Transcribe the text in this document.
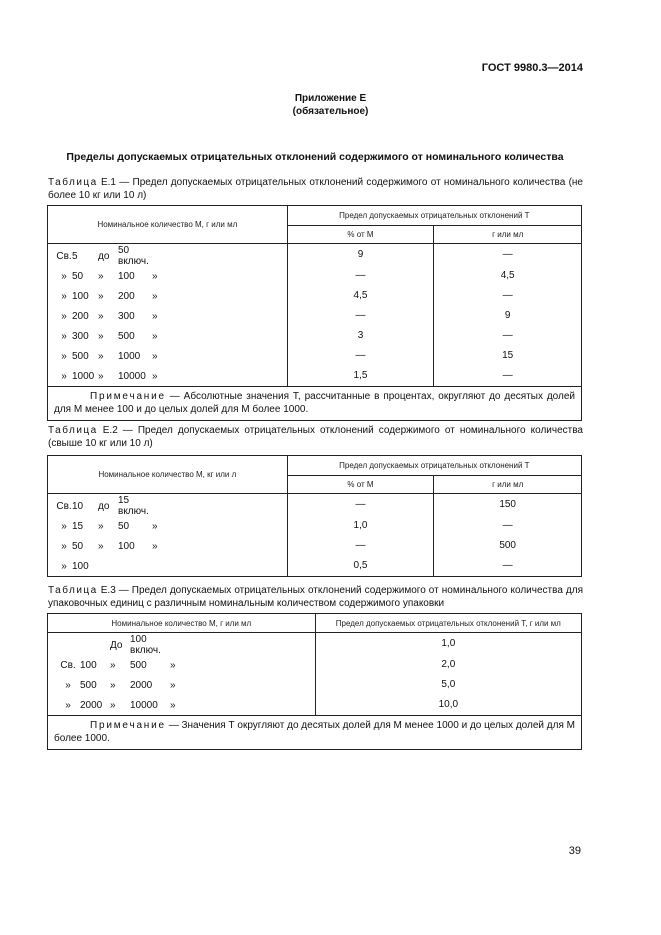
ГОСТ 9980.3—2014
Приложение Е
(обязательное)
Пределы допускаемых отрицательных отклонений содержимого от номинального количества
Таблица Е.1 — Предел допускаемых отрицательных отклонений содержимого от номинального количества (не более 10 кг или 10 л)
Номинальное количество М, г или мл	Предел допускаемых отрицательных отклонений Т	
	% от М	г или мл

Св. 5 до 50 включ.	9	—

» 50 » 100 »	—	4,5

» 100 » 200 »	4,5	—

» 200 » 300 »	—	9

» 300 » 500 »	3	—

» 500 » 1000 »	—	15

» 1000 » 10000 »	1,5	—
Примечание — Абсолютные значения Т, рассчитанные в процентах, округляют до десятых долей для М менее 100 и до целых долей для М более 1000.		
Таблица Е.2 — Предел допускаемых отрицательных отклонений содержимого от номинального количества (свыше 10 кг или 10 л)
Номинальное количество М, кг или л	Предел допускаемых отрицательных отклонений Т	
	% от М	г или мл

Св. 10 до 15 включ.	—	150

» 15 » 50 »	1,0	—

» 50 » 100 »	—	500

» 100	0,5	—
Таблица Е.3 — Предел допускаемых отрицательных отклонений содержимого от номинального количества для упаковочных единиц с различным номинальным количеством содержимого упаковки
Номинальное количество М, г или мл	Предел допускаемых отрицательных отклонений Т, г или мл

До 100 включ.	1,0

Св. 100 » 500 »	2,0

» 500 » 2000 »	5,0

» 2000 » 10000 »	10,0
Примечание — Значения Т округляют до десятых долей для М менее 1000 и до целых долей для М более 1000.	
39
